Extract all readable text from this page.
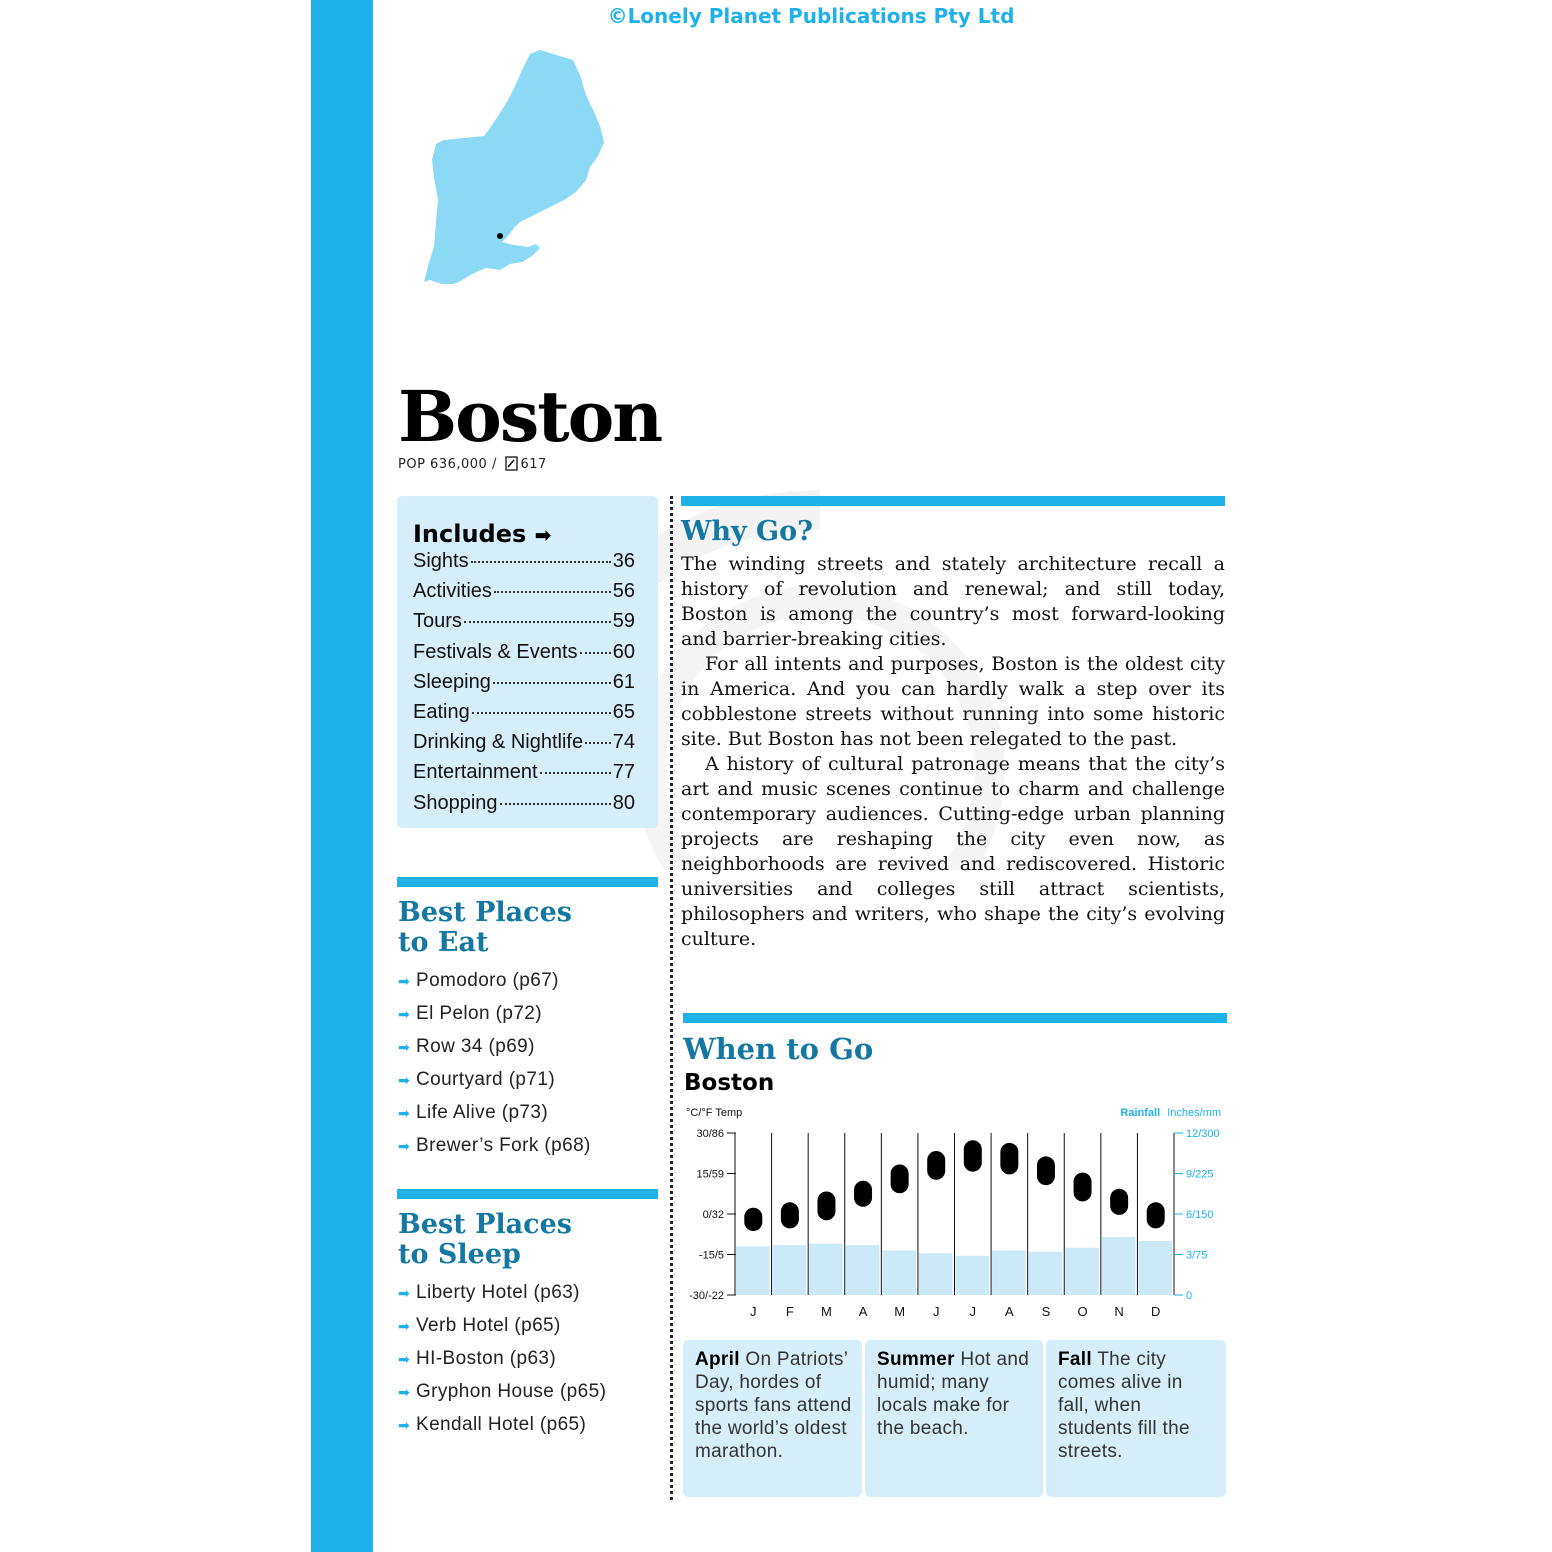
©Lonely Planet Publications Pty Ltd
Boston
POP 636,000 / 617
Includes ➡
Sights	36
Activities	56
Tours	59
Festivals & Events 60
Sleeping	61
Eating	65
Drinking & Nightlife 74
Entertainment	77
Shopping	80
Best Places
to Eat
➡ Pomodoro (p67)
➡ El Pelon (p72)
➡ Row 34 (p69)
➡ Courtyard (p71)
➡ Life Alive (p73)
➡ Brewer’s Fork (p68)
Best Places
to Sleep
➡ Liberty Hotel (p63)
➡ Verb Hotel (p65)
➡ HI-Boston (p63)
➡ Gryphon House (p65)
➡ Kendall Hotel (p65)
Why Go?

The winding streets and stately architecture recall a history of revolution and renewal; and still today, Boston is among the country’s most forward-looking and barrier-breaking cities.

For all intents and purposes, Boston is the oldest city in America. And you can hardly walk a step over its cobblestone streets without running into some historic site. But Boston has not been relegated to the past.

A history of cultural patronage means that the city’s art and music scenes continue to charm and challenge contemporary audiences. Cutting-edge urban planning projects are reshaping the city even now, as neighborhoods are revived and rediscovered. Historic universities and colleges still attract scientists, philosophers and writers, who shape the city’s evolving culture.

When to Go
Boston
°C/°F Temp	Rainfall Inches/mm
30/86
15/59
0/32
-15/5
-30/-22
12/300
9/225
6/150
3/75
0
J F M A M J J A S O N D
April On Patriots’ Day, hordes of sports fans attend the world’s oldest marathon.
Summer Hot and humid; many locals make for the beach.
Fall The city comes alive in fall, when students fill the streets.
